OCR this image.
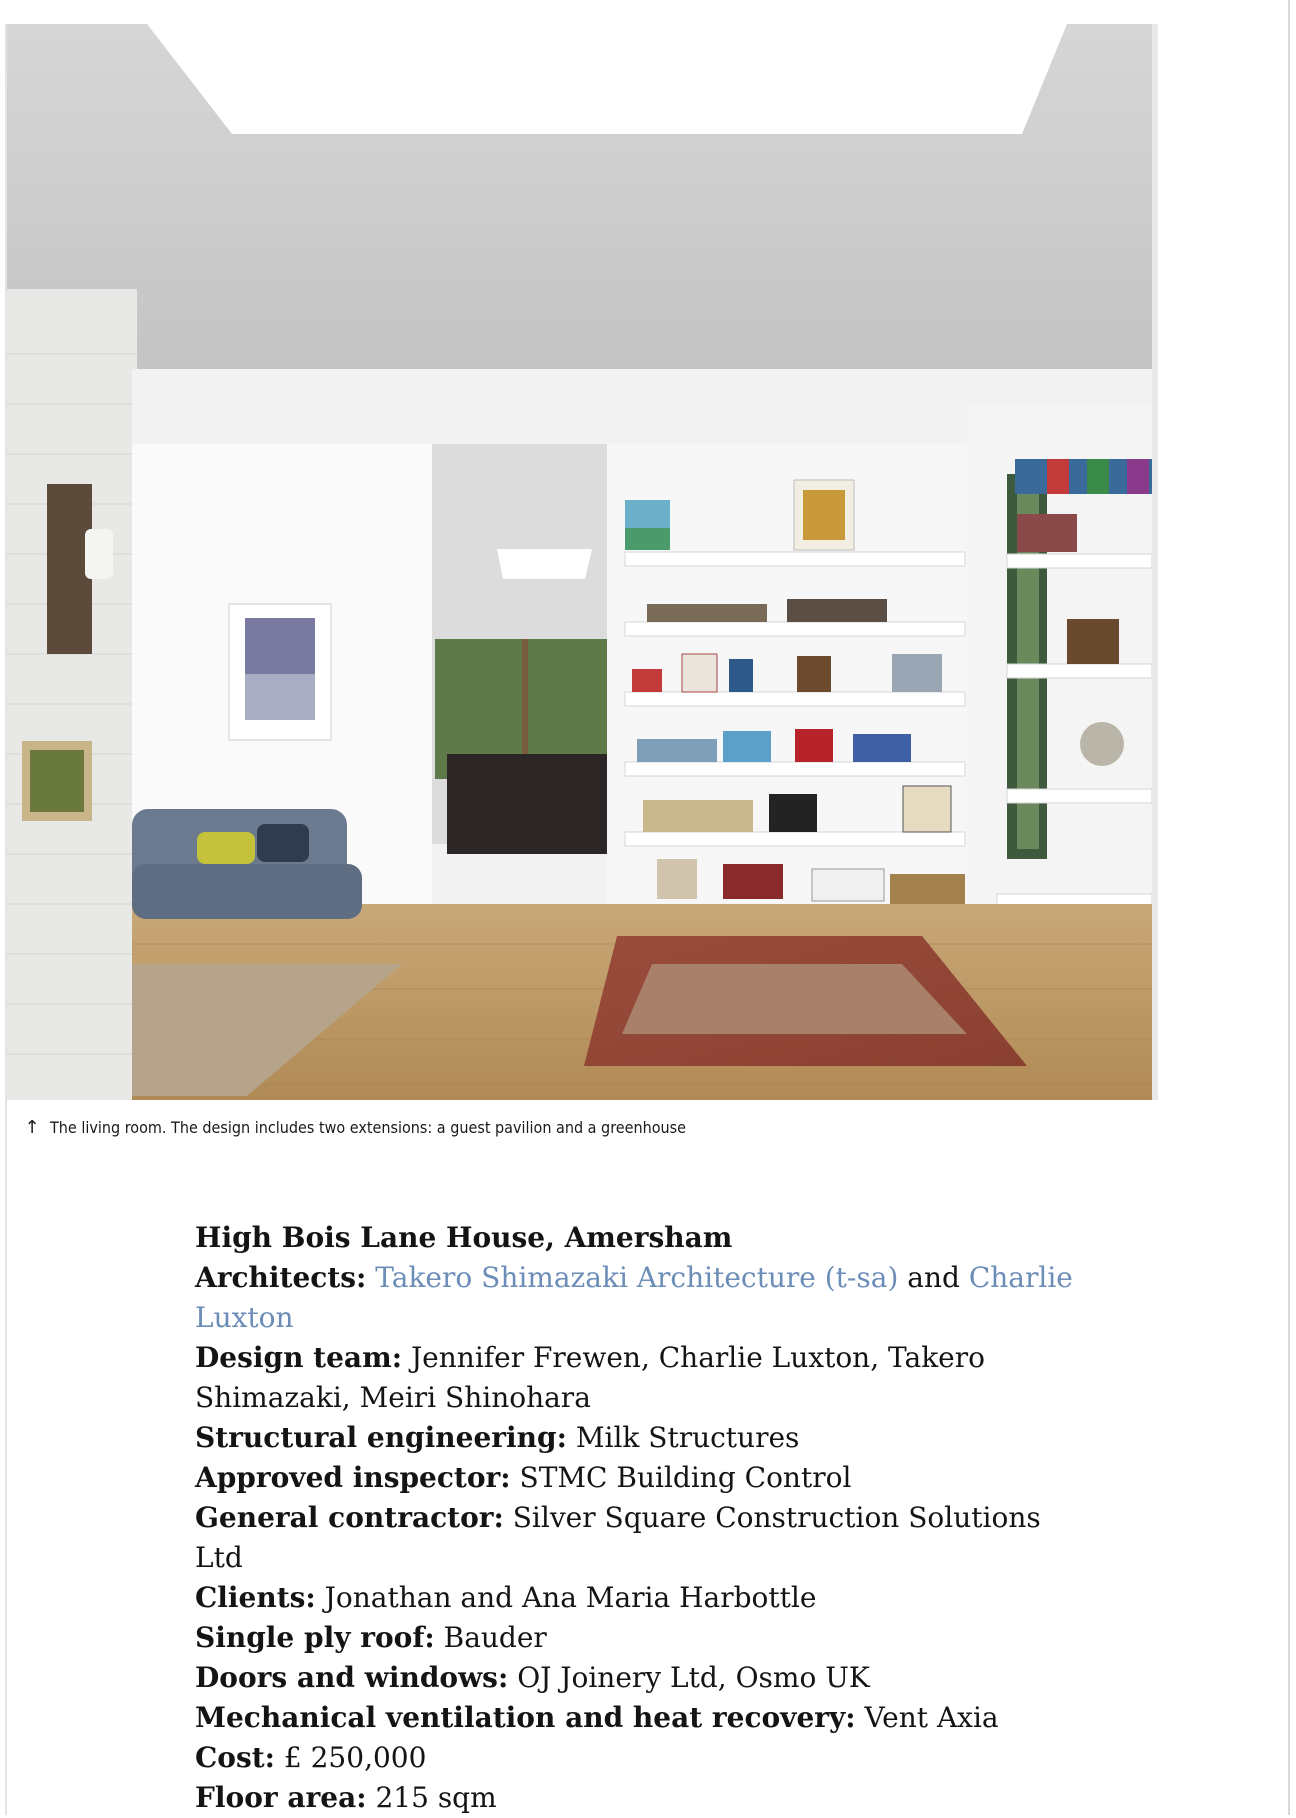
↑ The living room. The design includes two extensions: a guest pavilion and a greenhouse
High Bois Lane House, Amersham
Architects: Takero Shimazaki Architecture (t-sa) and Charlie Luxton
Design team: Jennifer Frewen, Charlie Luxton, Takero Shimazaki, Meiri Shinohara
Structural engineering: Milk Structures
Approved inspector: STMC Building Control
General contractor: Silver Square Construction Solutions Ltd
Clients: Jonathan and Ana Maria Harbottle
Single ply roof: Bauder
Doors and windows: OJ Joinery Ltd, Osmo UK
Mechanical ventilation and heat recovery: Vent Axia
Cost: £ 250,000
Floor area: 215 sqm
